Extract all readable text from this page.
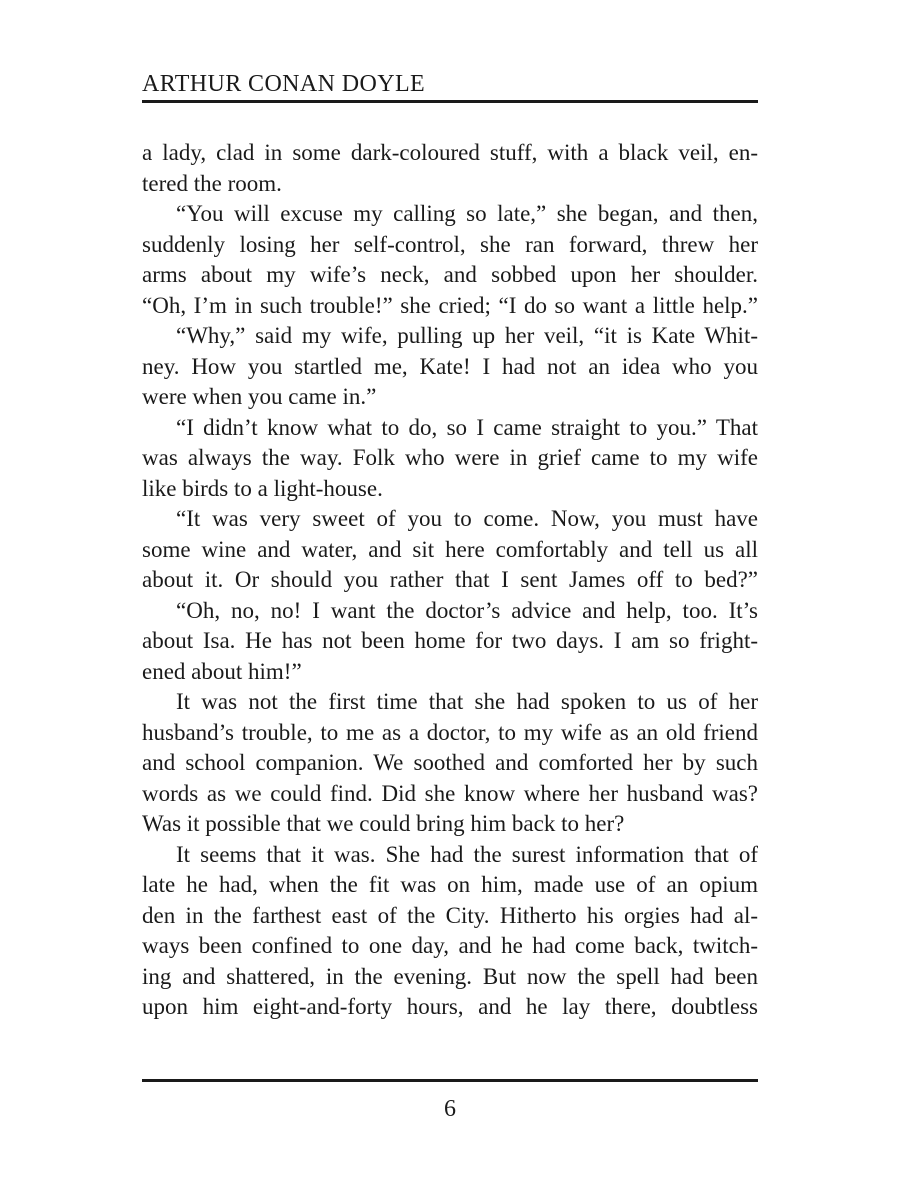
ARTHUR CONAN DOYLE
a lady, clad in some dark-coloured stuff, with a black veil, en-
tered the room.
“You will excuse my calling so late,” she began, and then,
suddenly losing her self-control, she ran forward, threw her
arms about my wife’s neck, and sobbed upon her shoulder.
“Oh, I’m in such trouble!” she cried; “I do so want a little help.”
“Why,” said my wife, pulling up her veil, “it is Kate Whit-
ney. How you startled me, Kate! I had not an idea who you
were when you came in.”
“I didn’t know what to do, so I came straight to you.” That
was always the way. Folk who were in grief came to my wife
like birds to a light-house.
“It was very sweet of you to come. Now, you must have
some wine and water, and sit here comfortably and tell us all
about it. Or should you rather that I sent James off to bed?”
“Oh, no, no! I want the doctor’s advice and help, too. It’s
about Isa. He has not been home for two days. I am so fright-
ened about him!”
It was not the first time that she had spoken to us of her
husband’s trouble, to me as a doctor, to my wife as an old friend
and school companion. We soothed and comforted her by such
words as we could find. Did she know where her husband was?
Was it possible that we could bring him back to her?
It seems that it was. She had the surest information that of
late he had, when the fit was on him, made use of an opium
den in the farthest east of the City. Hitherto his orgies had al-
ways been confined to one day, and he had come back, twitch-
ing and shattered, in the evening. But now the spell had been
upon him eight-and-forty hours, and he lay there, doubtless
6
